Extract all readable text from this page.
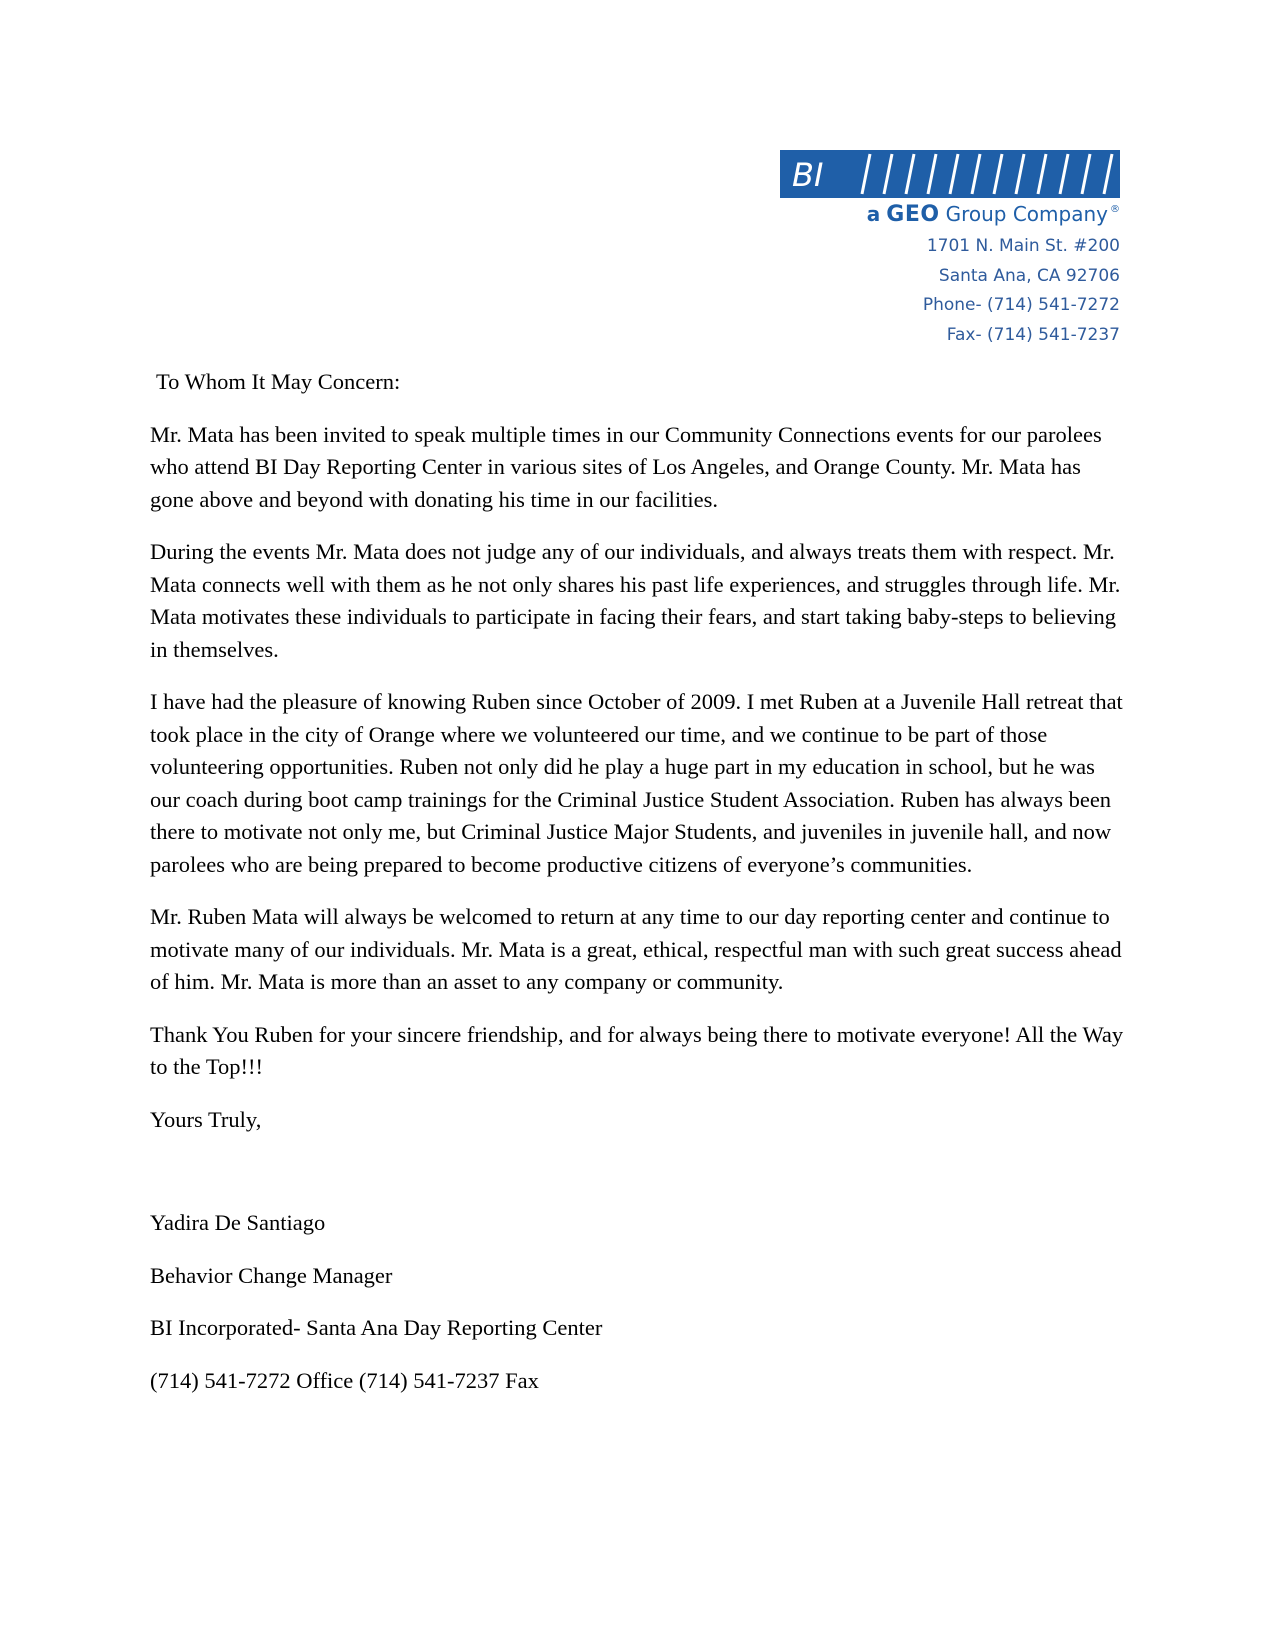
BI
a GEO Group Company ®
1701 N. Main St. #200
Santa Ana, CA 92706
Phone- (714) 541-7272
Fax- (714) 541-7237

To Whom It May Concern:

Mr. Mata has been invited to speak multiple times in our Community Connections events for our parolees who attend BI Day Reporting Center in various sites of Los Angeles, and Orange County. Mr. Mata has gone above and beyond with donating his time in our facilities.

During the events Mr. Mata does not judge any of our individuals, and always treats them with respect. Mr. Mata connects well with them as he not only shares his past life experiences, and struggles through life. Mr. Mata motivates these individuals to participate in facing their fears, and start taking baby-steps to believing in themselves.

I have had the pleasure of knowing Ruben since October of 2009. I met Ruben at a Juvenile Hall retreat that took place in the city of Orange where we volunteered our time, and we continue to be part of those volunteering opportunities. Ruben not only did he play a huge part in my education in school, but he was our coach during boot camp trainings for the Criminal Justice Student Association. Ruben has always been there to motivate not only me, but Criminal Justice Major Students, and juveniles in juvenile hall, and now parolees who are being prepared to become productive citizens of everyone’s communities.

Mr. Ruben Mata will always be welcomed to return at any time to our day reporting center and continue to motivate many of our individuals. Mr. Mata is a great, ethical, respectful man with such great success ahead of him. Mr. Mata is more than an asset to any company or community.

Thank You Ruben for your sincere friendship, and for always being there to motivate everyone! All the Way to the Top!!!

Yours Truly,

Yadira De Santiago

Behavior Change Manager

BI Incorporated- Santa Ana Day Reporting Center

(714) 541-7272 Office (714) 541-7237 Fax
